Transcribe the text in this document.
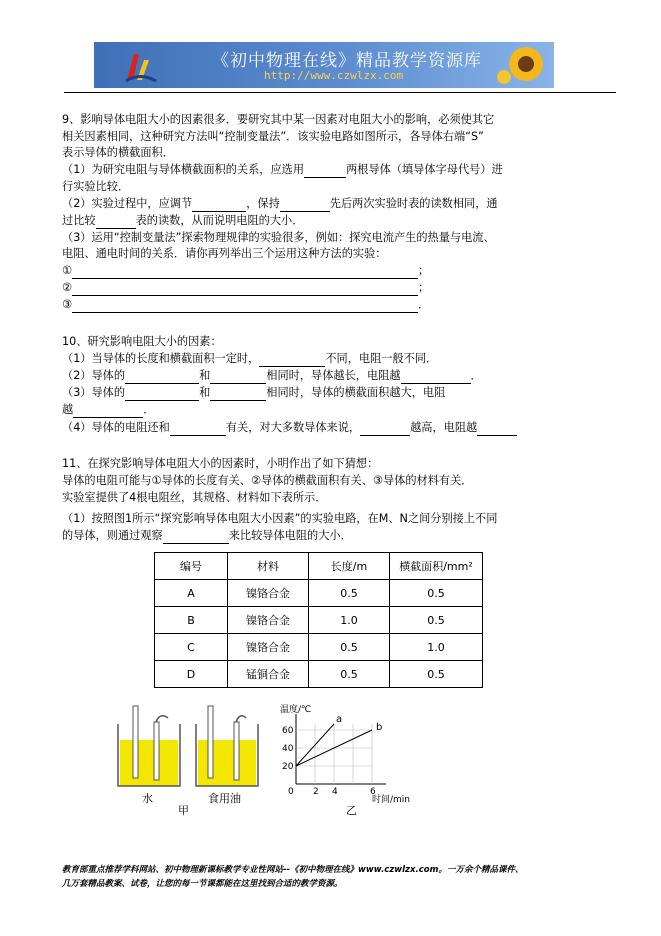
《初中物理在线》精品教学资源库
http://www.czwlzx.com
9、影响导体电阻大小的因素很多．要研究其中某一因素对电阻大小的影响，必须使其它
相关因素相同，这种研究方法叫“控制变量法”．该实验电路如图所示，各导体右端“S”
表示导体的横截面积．
（1）为研究电阻与导体横截面积的关系，应选用	两根导体（填导体字母代号）进
行实验比较．
（2）实验过程中，应调节	，保持	先后两次实验时表的读数相同，通
过比较	表的读数，从而说明电阻的大小．
（3）运用“控制变量法”探索物理规律的实验很多，例如：探究电流产生的热量与电流、
电阻、通电时间的关系．请你再列举出三个运用这种方法的实验：
①	；
②	；
③	．
10、研究影响电阻大小的因素：
（1）当导体的长度和横截面积一定时，	不同，电阻一般不同．
（2）导体的	和	相同时，导体越长，电阻越	．
（3）导体的	和	相同时，导体的横截面积越大，电阻
越	．
（4）导体的电阻还和	有关，对大多数导体来说，	越高，电阻越
11、在探究影响导体电阻大小的因素时，小明作出了如下猜想：
导体的电阻可能与①导体的长度有关、②导体的横截面积有关、③导体的材料有关．
实验室提供了4根电阻丝，其规格、材料如下表所示．
（1）按照图1所示“探究影响导体电阻大小因素”的实验电路，在M、N之间分别接上不同
的导体，则通过观察	来比较导体电阻的大小．
编号	材料	长度/m	横截面积/mm²
A	镍铬合金	0.5	0.5
B	镍铬合金	1.0	0.5
C	镍铬合金	0.5	1.0
D	锰铜合金	0.5	0.5
水	食用油
甲
温度/℃
60
40
20
0 2 4	6
时间/min
a
b
乙
教育部重点推荐学科网站、初中物理新课标教学专业性网站--《初中物理在线》www.czwlzx.com。一万余个精品课件、
几万套精品教案、试卷，让您的每一节课都能在这里找到合适的教学资源。
